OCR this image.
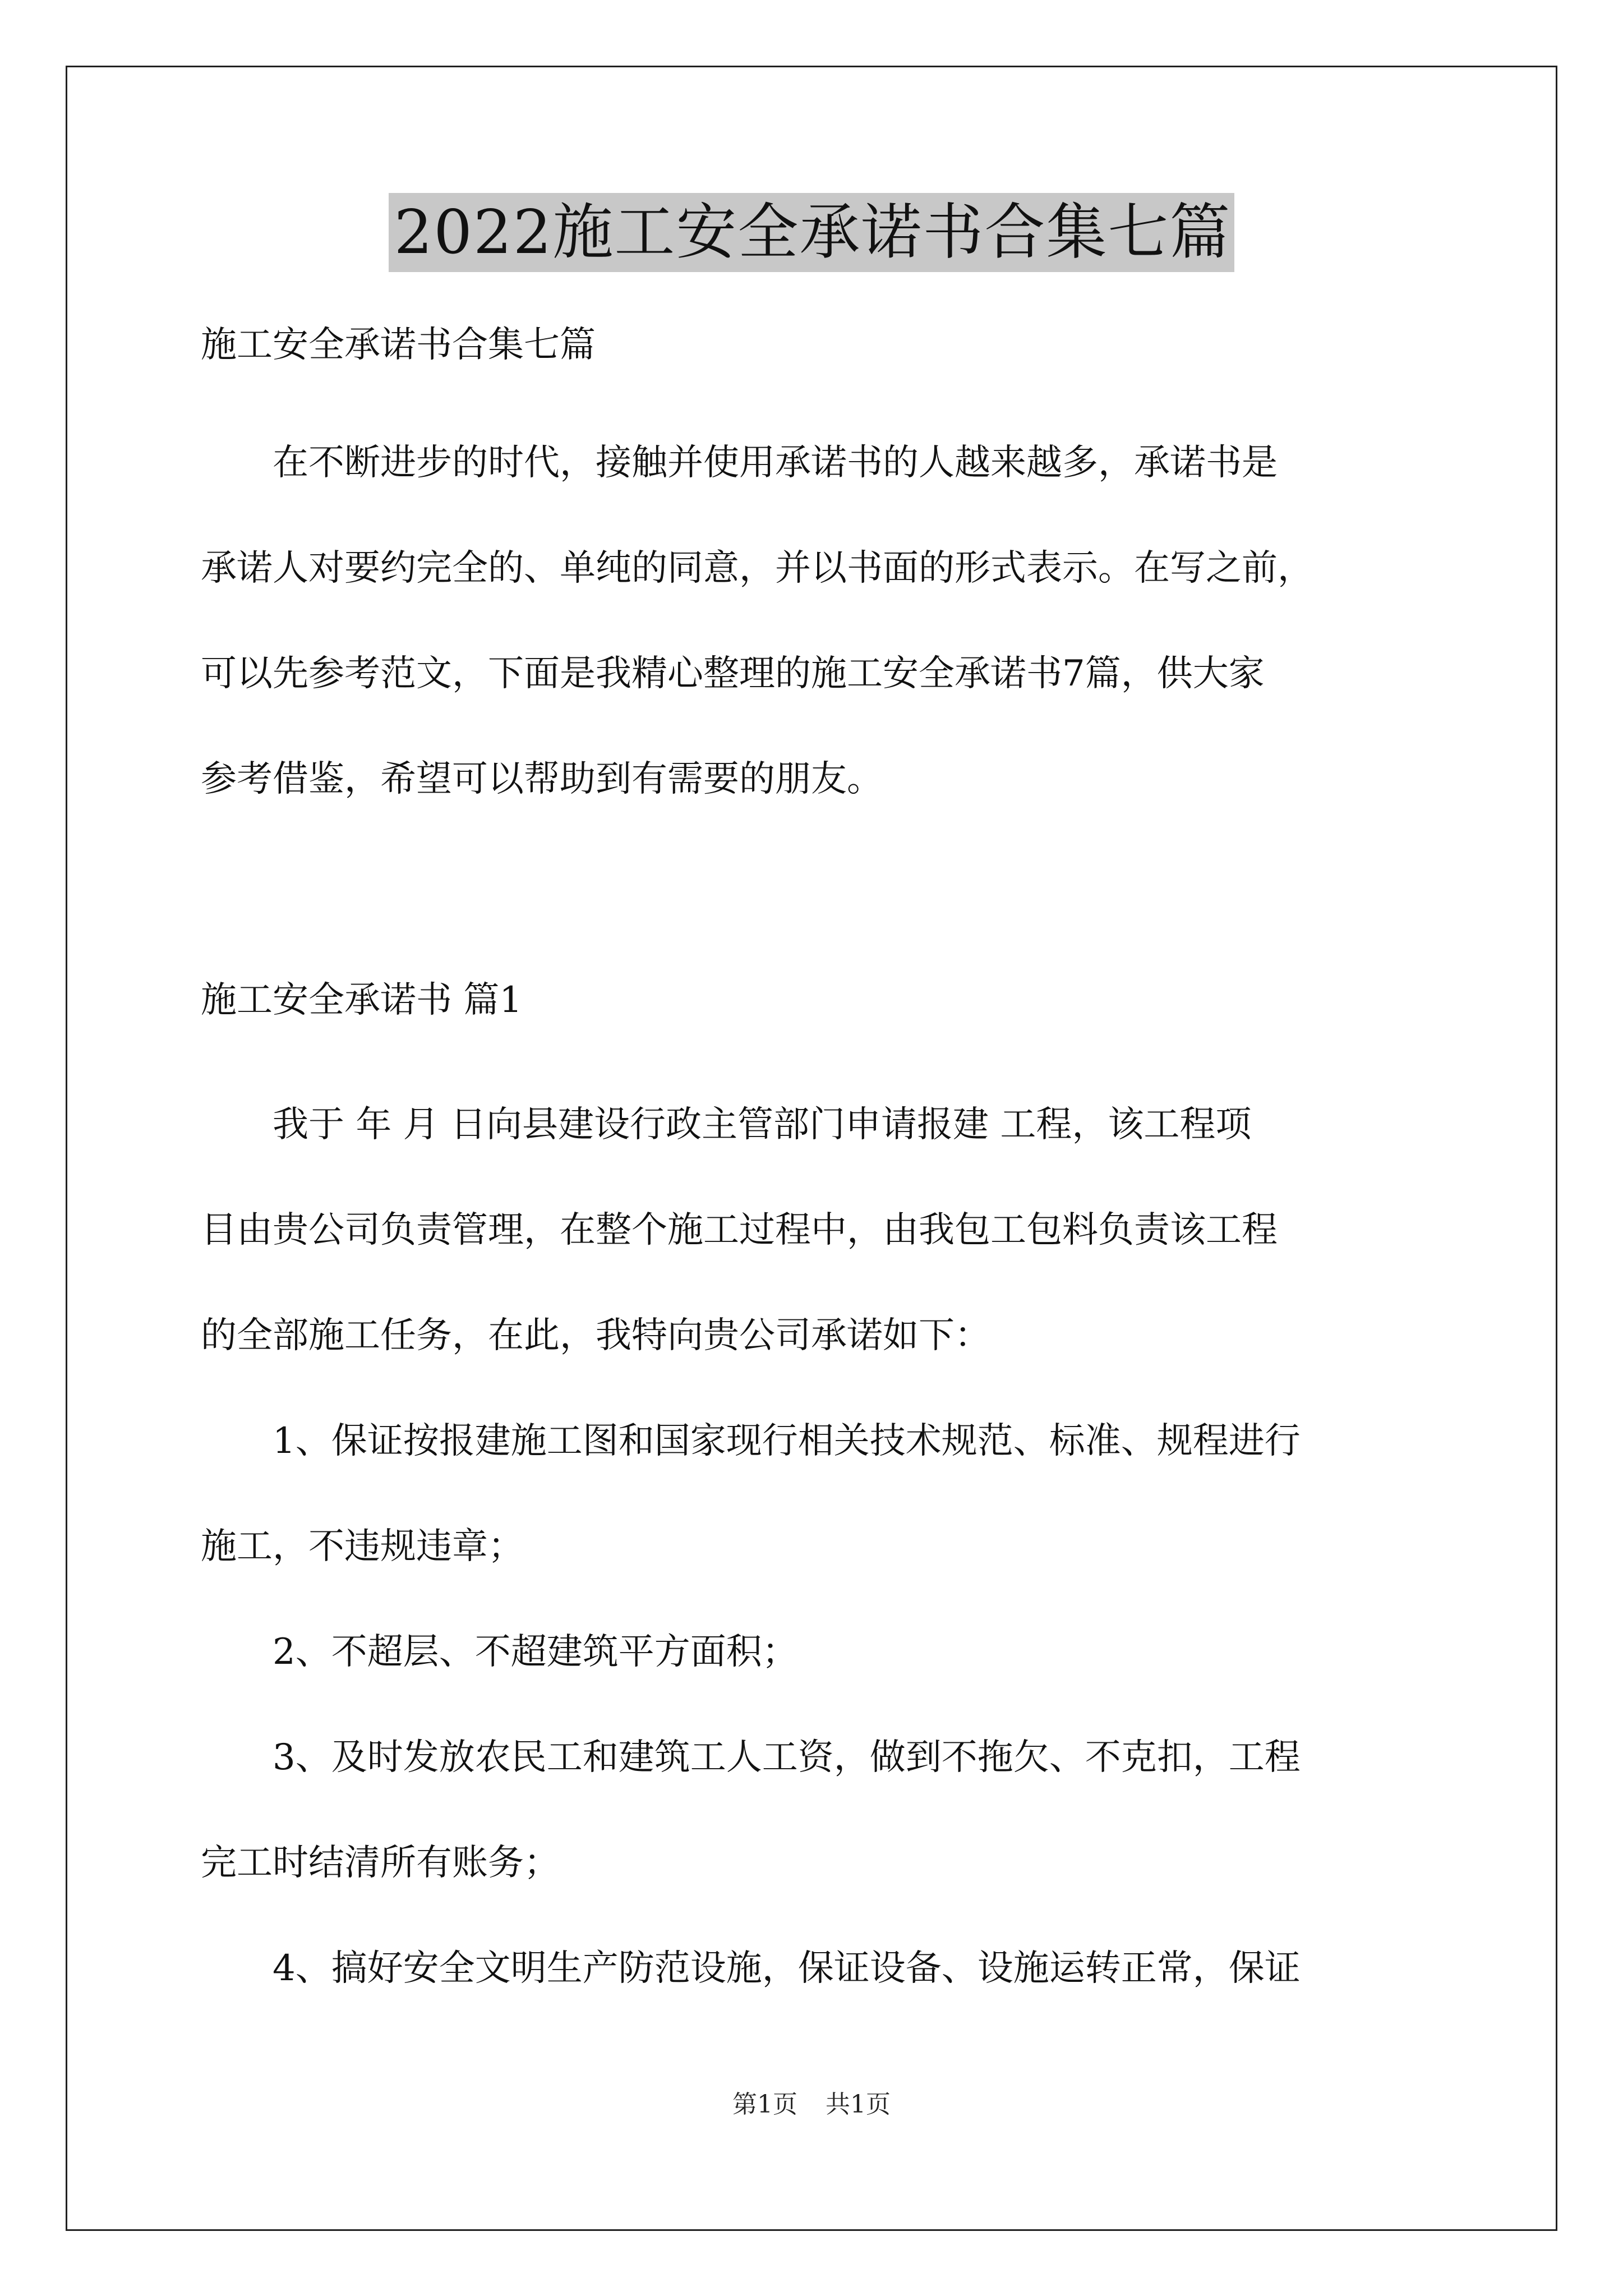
2022施工安全承诺书合集七篇
施工安全承诺书合集七篇
在不断进步的时代，接触并使用承诺书的人越来越多，承诺书是
承诺人对要约完全的、单纯的同意，并以书面的形式表示。在写之前，
可以先参考范文，下面是我精心整理的施工安全承诺书7篇，供大家
参考借鉴，希望可以帮助到有需要的朋友。
施工安全承诺书 篇1
我于 年 月 日向县建设行政主管部门申请报建 工程，该工程项
目由贵公司负责管理，在整个施工过程中，由我包工包料负责该工程
的全部施工任务，在此，我特向贵公司承诺如下：
1、保证按报建施工图和国家现行相关技术规范、标准、规程进行
施工，不违规违章；
2、不超层、不超建筑平方面积；
3、及时发放农民工和建筑工人工资，做到不拖欠、不克扣，工程
完工时结清所有账务；
4、搞好安全文明生产防范设施，保证设备、设施运转正常，保证
第1页 共1页
